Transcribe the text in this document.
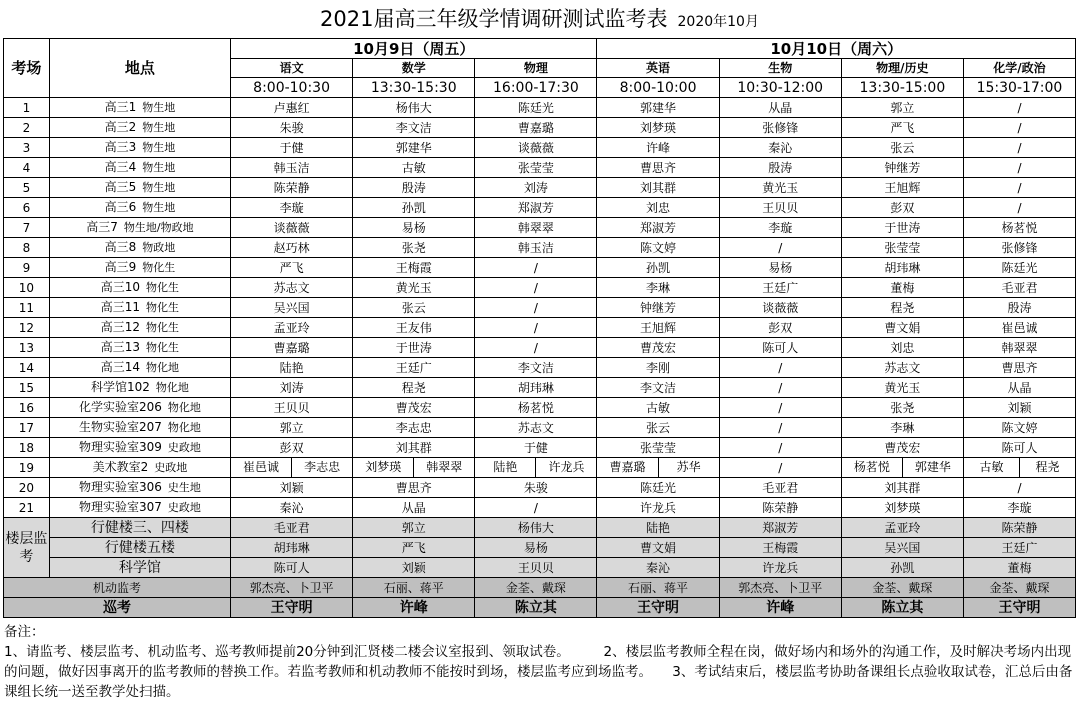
2021届高三年级学情调研测试监考表 2020年10月
考场	地点	10月9日（周五）			10月10日（周六）			
		语文	数学	物理	英语	生物	物理/历史	化学/政治
		8:00-10:30	13:30-15:30	16:00-17:30	8:00-10:00	10:30-12:00	13:30-15:00	15:30-17:00
1	高三1 物生地	卢惠红	杨伟大	陈廷光	郭建华	从晶	郭立	/
2	高三2 物生地	朱骏	李文洁	曹嘉璐	刘梦瑛	张修锋	严飞	/
3	高三3 物生地	于健	郭建华	谈薇薇	许峰	秦沁	张云	/
4	高三4 物生地	韩玉洁	古敏	张莹莹	曹思齐	殷涛	钟继芳	/
5	高三5 物生地	陈荣静	殷涛	刘涛	刘其群	黄光玉	王旭辉	/
6	高三6 物生地	李璇	孙凯	郑淑芳	刘忠	王贝贝	彭双	/
7	高三7 物生地/物政地	谈薇薇	易杨	韩翠翠	郑淑芳	李璇	于世涛	杨茗悦
8	高三8 物政地	赵巧林	张尧	韩玉洁	陈文婷	/	张莹莹	张修锋
9	高三9 物化生	严飞	王梅霞	/	孙凯	易杨	胡玮琳	陈廷光
10	高三10 物化生	苏志文	黄光玉	/	李琳	王廷广	董梅	毛亚君
11	高三11 物化生	吴兴国	张云	/	钟继芳	谈薇薇	程尧	殷涛
12	高三12 物化生	孟亚玲	王友伟	/	王旭辉	彭双	曹文娟	崔邑诚
13	高三13 物化生	曹嘉璐	于世涛	/	曹茂宏	陈可人	刘忠	韩翠翠
14	高三14 物化地	陆艳	王廷广	李文洁	李刚	/	苏志文	曹思齐
15	科学馆102 物化地	刘涛	程尧	胡玮琳	李文洁	/	黄光玉	从晶
16	化学实验室206 物化地	王贝贝	曹茂宏	杨茗悦	古敏	/	张尧	刘颖
17	生物实验室207 物化地	郭立	李志忠	苏志文	张云	/	李琳	陈文婷
18	物理实验室309 史政地	彭双	刘其群	于健	张莹莹	/	曹茂宏	陈可人
19	美术教室2 史政地	崔邑诚 李志忠	刘梦瑛 韩翠翠	陆艳 许龙兵	曹嘉璐 苏华	/	杨茗悦 郭建华	古敏 程尧

20	物理实验室306 史生地	刘颖	曹思齐	朱骏	陈廷光	毛亚君	刘其群	/
21	物理实验室307 史政地	秦沁	从晶	/	许龙兵	陈荣静	刘梦瑛	李璇
楼层监考	行健楼三、四楼	毛亚君	郭立	杨伟大	陆艳	郑淑芳	孟亚玲	陈荣静
	行健楼五楼	胡玮琳	严飞	易杨	曹文娟	王梅霞	吴兴国	王廷广
	科学馆	陈可人	刘颖	王贝贝	秦沁	许龙兵	孙凯	董梅
机动监考		郭杰亮、卜卫平	石丽、蒋平	金荃、戴琛	石丽、蒋平	郭杰亮、卜卫平	金荃、戴琛	金荃、戴琛
巡考		王守明	许峰	陈立其	王守明	许峰	陈立其	王守明
备注：
1、请监考、楼层监考、机动监考、巡考教师提前20分钟到汇贤楼二楼会议室报到、领取试卷。　　　2、楼层监考教师全程在岗，做好场内和场外的沟通工作，及时解决考场内出现的问题，做好因事离开的监考教师的替换工作。若监考教师和机动教师不能按时到场，楼层监考应到场监考。　　3、考试结束后，楼层监考协助备课组长点验收取试卷，汇总后由备课组长统一送至教学处扫描。
